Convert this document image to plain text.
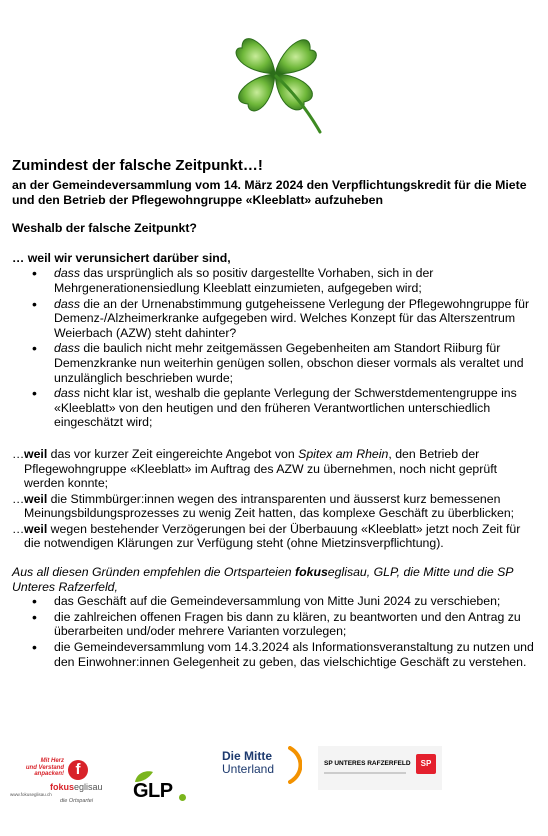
Zumindest der falsche Zeitpunkt…!
an der Gemeindeversammlung vom 14. März 2024 den Verpflichtungskredit für die Miete und den Betrieb der Pflegewohngruppe «Kleeblatt» aufzuheben
Weshalb der falsche Zeitpunkt?
… weil wir verunsichert darüber sind,
• dass das ursprünglich als so positiv dargestellte Vorhaben, sich in der Mehrgenerationensiedlung Kleeblatt einzumieten, aufgegeben wird;
• dass die an der Urnenabstimmung gutgeheissene Verlegung der Pflegewohngruppe für Demenz-/Alzheimerkranke aufgegeben wird. Welches Konzept für das Alterszentrum Weierbach (AZW) steht dahinter?
• dass die baulich nicht mehr zeitgemässen Gegebenheiten am Standort Riiburg für Demenzkranke nun weiterhin genügen sollen, obschon dieser vormals als veraltet und unzulänglich beschrieben wurde;
• dass nicht klar ist, weshalb die geplante Verlegung der Schwerstdementengruppe ins «Kleeblatt» von den heutigen und den früheren Verantwortlichen unterschiedlich eingeschätzt wird;
… weil das vor kurzer Zeit eingereichte Angebot von Spitex am Rhein, den Betrieb der Pflegewohngruppe «Kleeblatt» im Auftrag des AZW zu übernehmen, noch nicht geprüft werden konnte;
… weil die Stimmbürger:innen wegen des intransparenten und äusserst kurz bemessenen Meinungsbildungsprozesses zu wenig Zeit hatten, das komplexe Geschäft zu überblicken;
… weil wegen bestehender Verzögerungen bei der Überbauung «Kleeblatt» jetzt noch Zeit für die notwendigen Klärungen zur Verfügung steht (ohne Mietzinsverpflichtung).
Aus all diesen Gründen empfehlen die Ortsparteien fokuseglisau, GLP, die Mitte und die SP Unteres Rafzerfeld,
• das Geschäft auf die Gemeindeversammlung von Mitte Juni 2024 zu verschieben;
• die zahlreichen offenen Fragen bis dann zu klären, zu beantworten und den Antrag zu überarbeiten und/oder mehrere Varianten vorzulegen;
• die Gemeindeversammlung vom 14.3.2024 als Informationsveranstaltung zu nutzen und den Einwohner:innen Gelegenheit zu geben, das vielschichtige Geschäft zu verstehen.
Mit Herz
und Verstand
anpacken! f
fokuseglisau
www.fokuseglisau.ch
die Ortspartei GLP
Die Mitte
Unterland	SP UNTERES RAFZERFELD	SP
